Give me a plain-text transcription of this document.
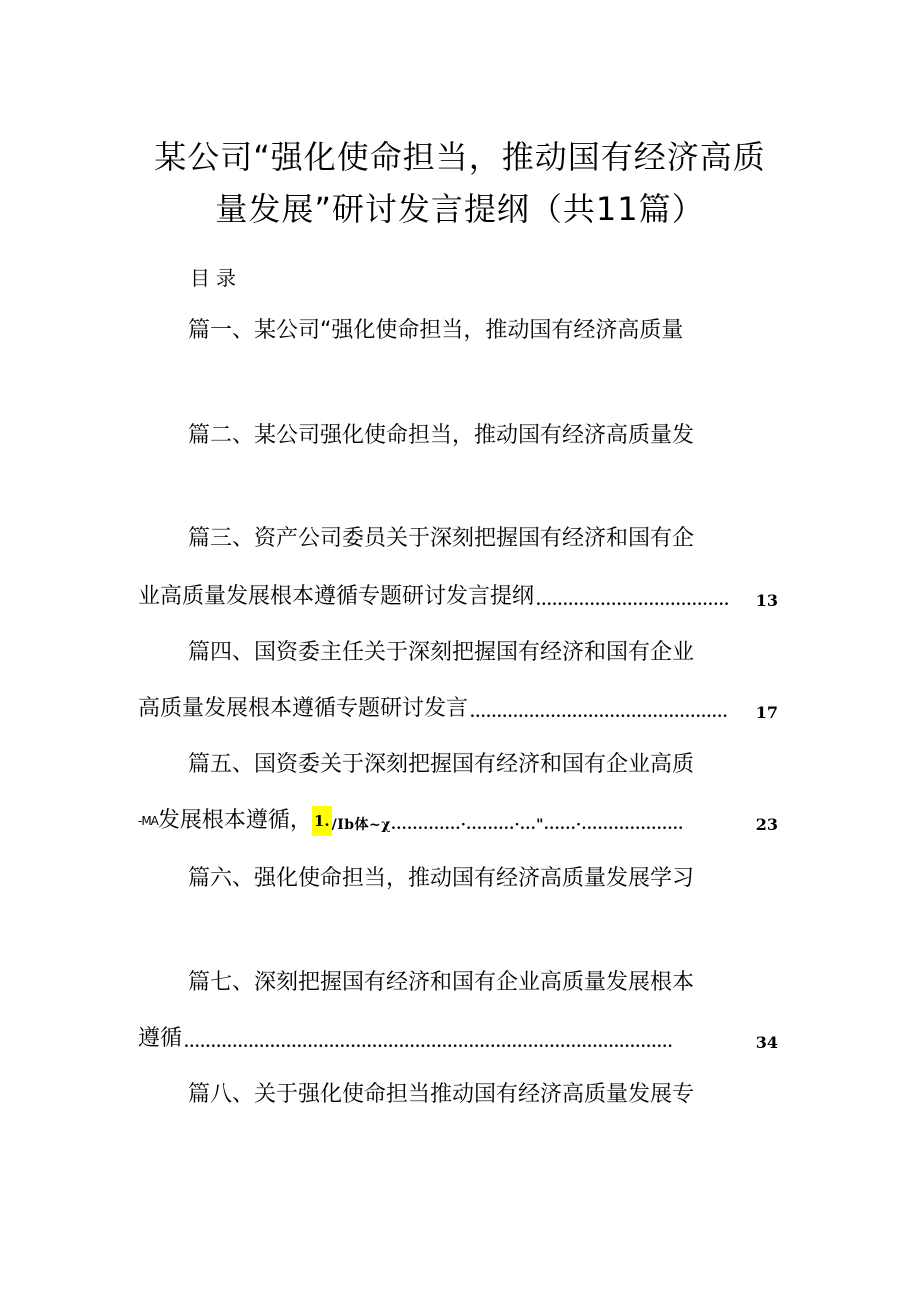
某公司“强化使命担当，推动国有经济高质
量发展”研讨发言提纲（共11篇）
目录
篇一、某公司“强化使命担当，推动国有经济高质量
篇二、某公司强化使命担当，推动国有经济高质量发
篇三、资产公司委员关于深刻把握国有经济和国有企
业高质量发展根本遵循专题研讨发言提纲 ....................................	13
篇四、国资委主任关于深刻把握国有经济和国有企业
高质量发展根本遵循专题研讨发言 ................................................	17
篇五、国资委关于深刻把握国有经济和国有企业高质
-MA 发展根本遵循， 1. /Ib体~χ.............·.........·..."......·...................	23
篇六、强化使命担当，推动国有经济高质量发展学习
篇七、深刻把握国有经济和国有企业高质量发展根本
遵循 ...........................................................................................	34
篇八、关于强化使命担当推动国有经济高质量发展专
